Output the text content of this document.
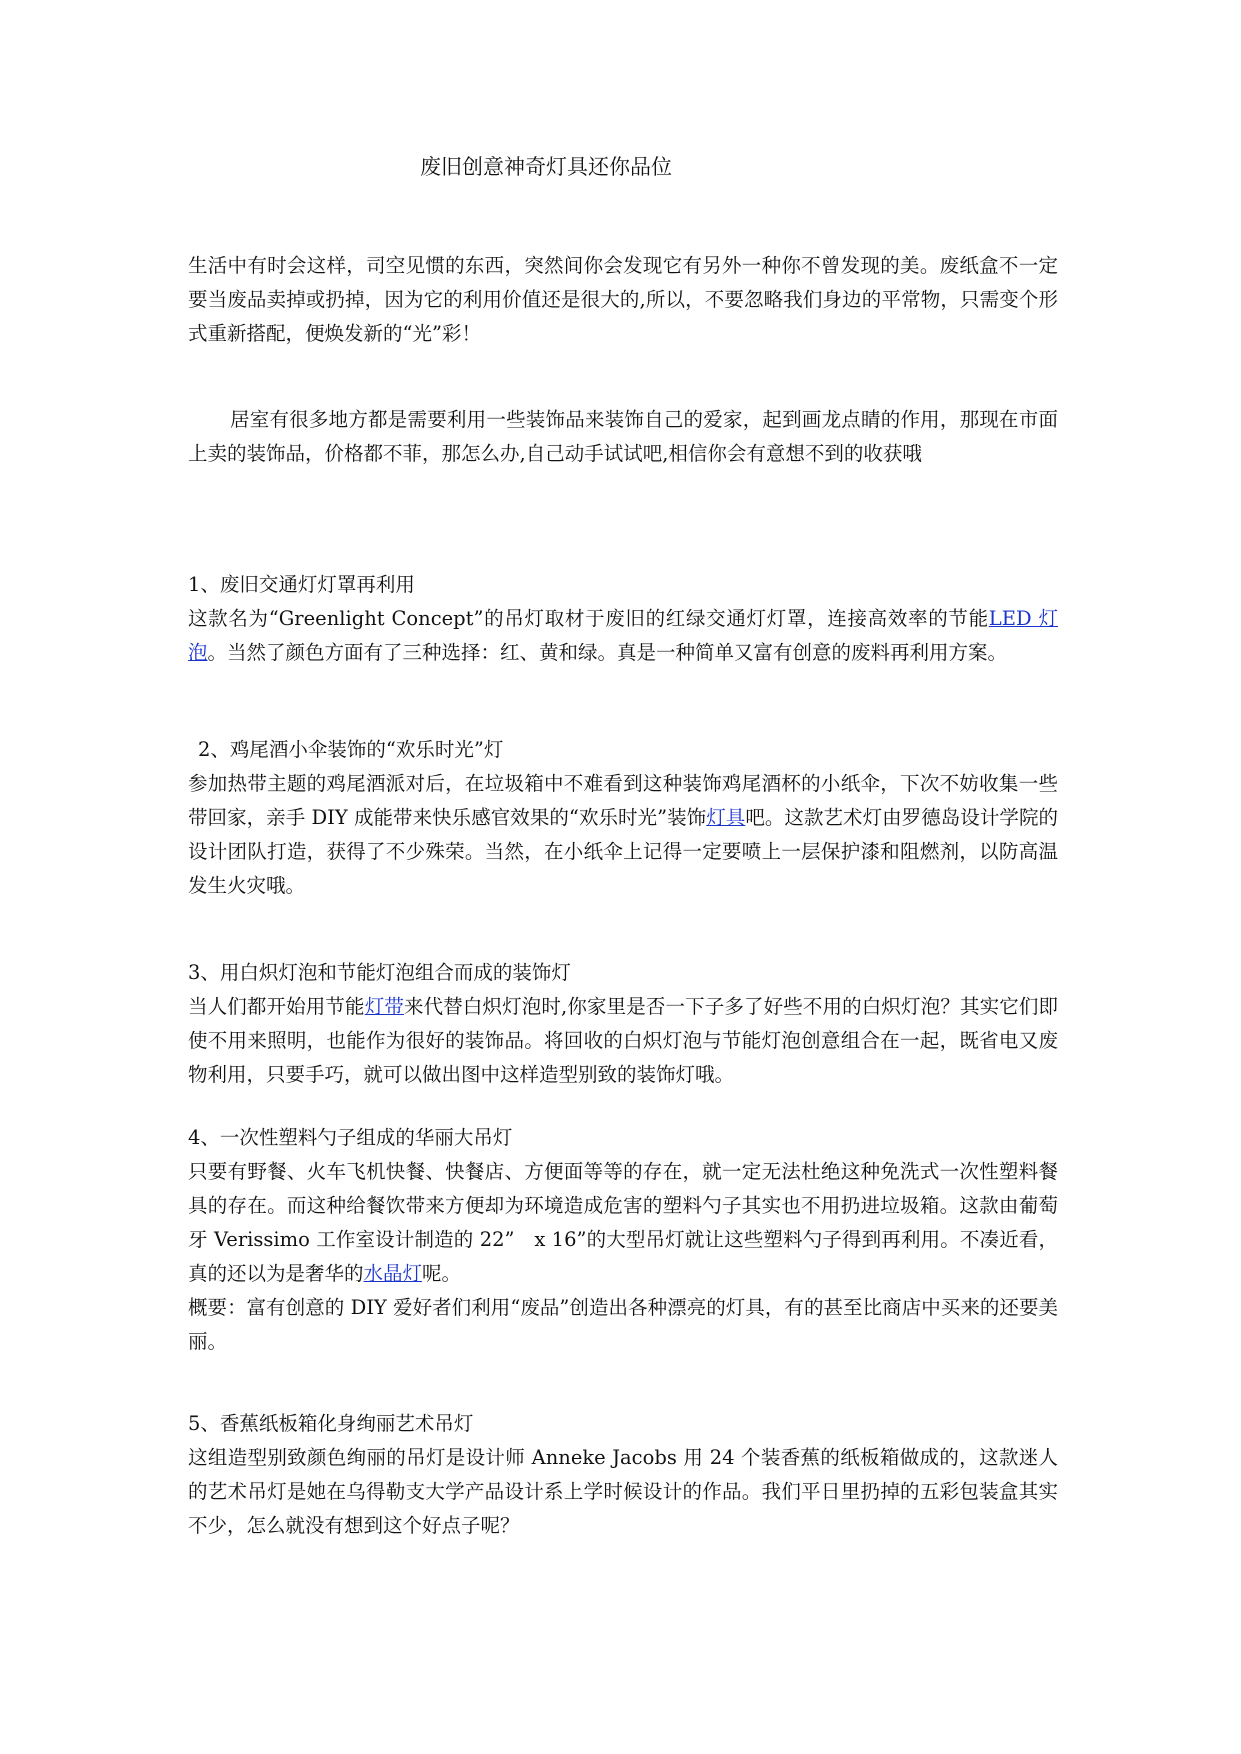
废旧创意神奇灯具还你品位

生活中有时会这样，司空见惯的东西，突然间你会发现它有另外一种你不曾发现的美。废纸盒不一定要当废品卖掉或扔掉，因为它的利用价值还是很大的,所以，不要忽略我们身边的平常物，只需变个形式重新搭配，便焕发新的“光”彩！

居室有很多地方都是需要利用一些装饰品来装饰自己的爱家，起到画龙点睛的作用，那现在市面上卖的装饰品，价格都不菲，那怎么办,自己动手试试吧,相信你会有意想不到的收获哦

1、废旧交通灯灯罩再利用

这款名为“Greenlight Concept”的吊灯取材于废旧的红绿交通灯灯罩，连接高效率的节能LED 灯泡。当然了颜色方面有了三种选择：红、黄和绿。真是一种简单又富有创意的废料再利用方案。

2、鸡尾酒小伞装饰的“欢乐时光”灯

参加热带主题的鸡尾酒派对后，在垃圾箱中不难看到这种装饰鸡尾酒杯的小纸伞，下次不妨收集一些带回家，亲手 DIY 成能带来快乐感官效果的“欢乐时光”装饰灯具吧。这款艺术灯由罗德岛设计学院的设计团队打造，获得了不少殊荣。当然，在小纸伞上记得一定要喷上一层保护漆和阻燃剂，以防高温发生火灾哦。

3、用白炽灯泡和节能灯泡组合而成的装饰灯

当人们都开始用节能灯带来代替白炽灯泡时,你家里是否一下子多了好些不用的白炽灯泡？其实它们即使不用来照明，也能作为很好的装饰品。将回收的白炽灯泡与节能灯泡创意组合在一起，既省电又废物利用，只要手巧，就可以做出图中这样造型别致的装饰灯哦。

4、一次性塑料勺子组成的华丽大吊灯

只要有野餐、火车飞机快餐、快餐店、方便面等等的存在，就一定无法杜绝这种免洗式一次性塑料餐具的存在。而这种给餐饮带来方便却为环境造成危害的塑料勺子其实也不用扔进垃圾箱。这款由葡萄牙 Verissimo 工作室设计制造的 22”　x 16”的大型吊灯就让这些塑料勺子得到再利用。不凑近看，真的还以为是奢华的水晶灯呢。

概要：富有创意的 DIY 爱好者们利用“废品”创造出各种漂亮的灯具，有的甚至比商店中买来的还要美丽。

5、香蕉纸板箱化身绚丽艺术吊灯

这组造型别致颜色绚丽的吊灯是设计师 Anneke Jacobs 用 24 个装香蕉的纸板箱做成的，这款迷人的艺术吊灯是她在乌得勒支大学产品设计系上学时候设计的作品。我们平日里扔掉的五彩包装盒其实不少，怎么就没有想到这个好点子呢？
